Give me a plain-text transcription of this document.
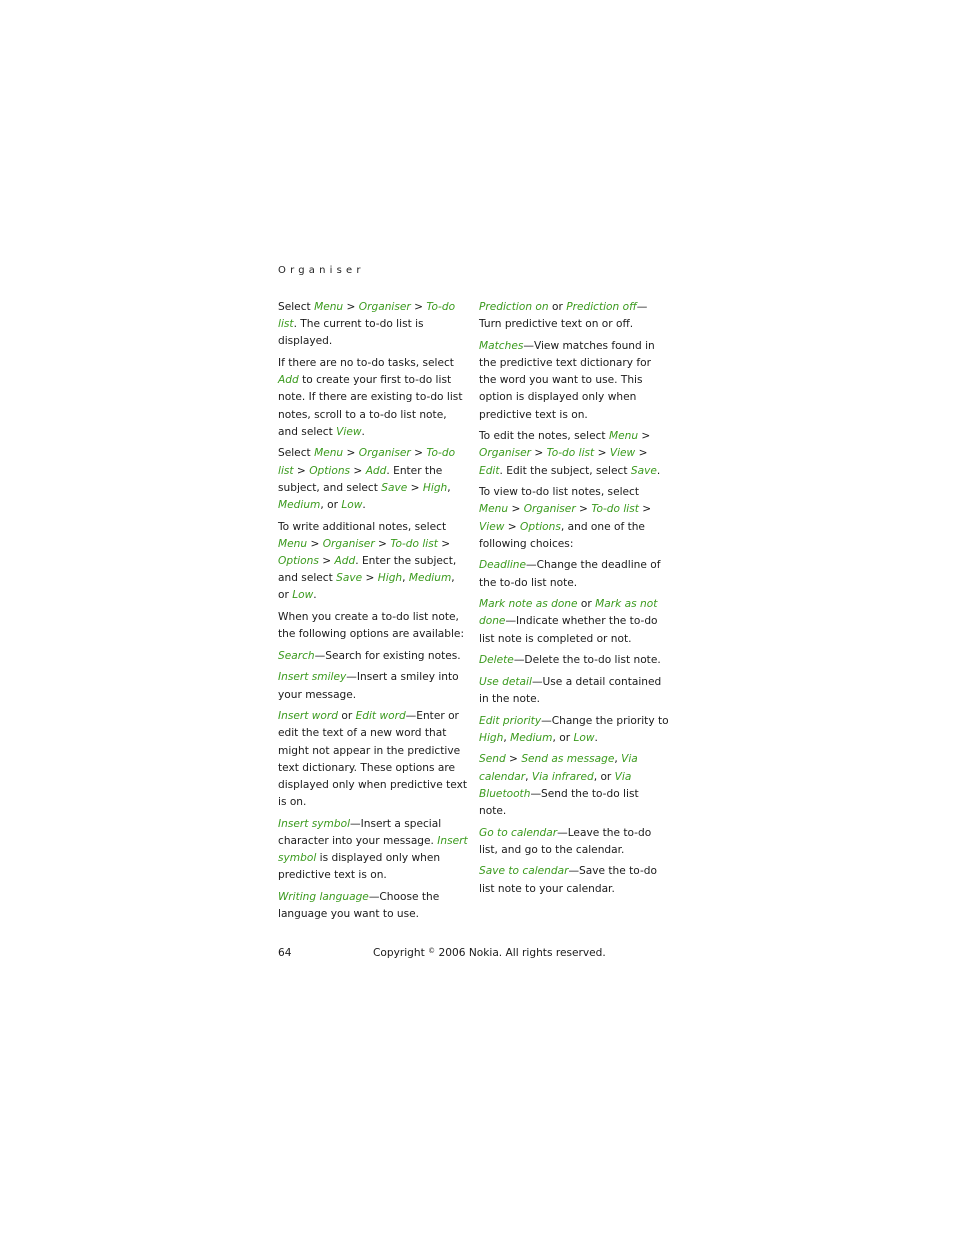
Organiser

Select Menu > Organiser > To-do list. The current to-do list is displayed.

If there are no to-do tasks, select Add to create your first to-do list note. If there are existing to-do list notes, scroll to a to-do list note, and select View.

Select Menu > Organiser > To-do list > Options > Add. Enter the subject, and select Save > High, Medium, or Low.

To write additional notes, select Menu > Organiser > To-do list > Options > Add. Enter the subject, and select Save > High, Medium, or Low.

When you create a to-do list note, the following options are available:

Search—Search for existing notes.

Insert smiley—Insert a smiley into your message.

Insert word or Edit word—Enter or edit the text of a new word that might not appear in the predictive text dictionary. These options are displayed only when predictive text is on.

Insert symbol—Insert a special character into your message. Insert symbol is displayed only when predictive text is on.

Writing language—Choose the language you want to use.

Prediction on or Prediction off—Turn predictive text on or off.

Matches—View matches found in the predictive text dictionary for the word you want to use. This option is displayed only when predictive text is on.

To edit the notes, select Menu > Organiser > To-do list > View > Edit. Edit the subject, select Save.

To view to-do list notes, select Menu > Organiser > To-do list > View > Options, and one of the following choices:

Deadline—Change the deadline of the to-do list note.

Mark note as done or Mark as not done—Indicate whether the to-do list note is completed or not.

Delete—Delete the to-do list note.

Use detail—Use a detail contained in the note.

Edit priority—Change the priority to High, Medium, or Low.

Send > Send as message, Via calendar, Via infrared, or Via Bluetooth—Send the to-do list note.

Go to calendar—Leave the to-do list, and go to the calendar.

Save to calendar—Save the to-do list note to your calendar.

64	Copyright © 2006 Nokia. All rights reserved.
